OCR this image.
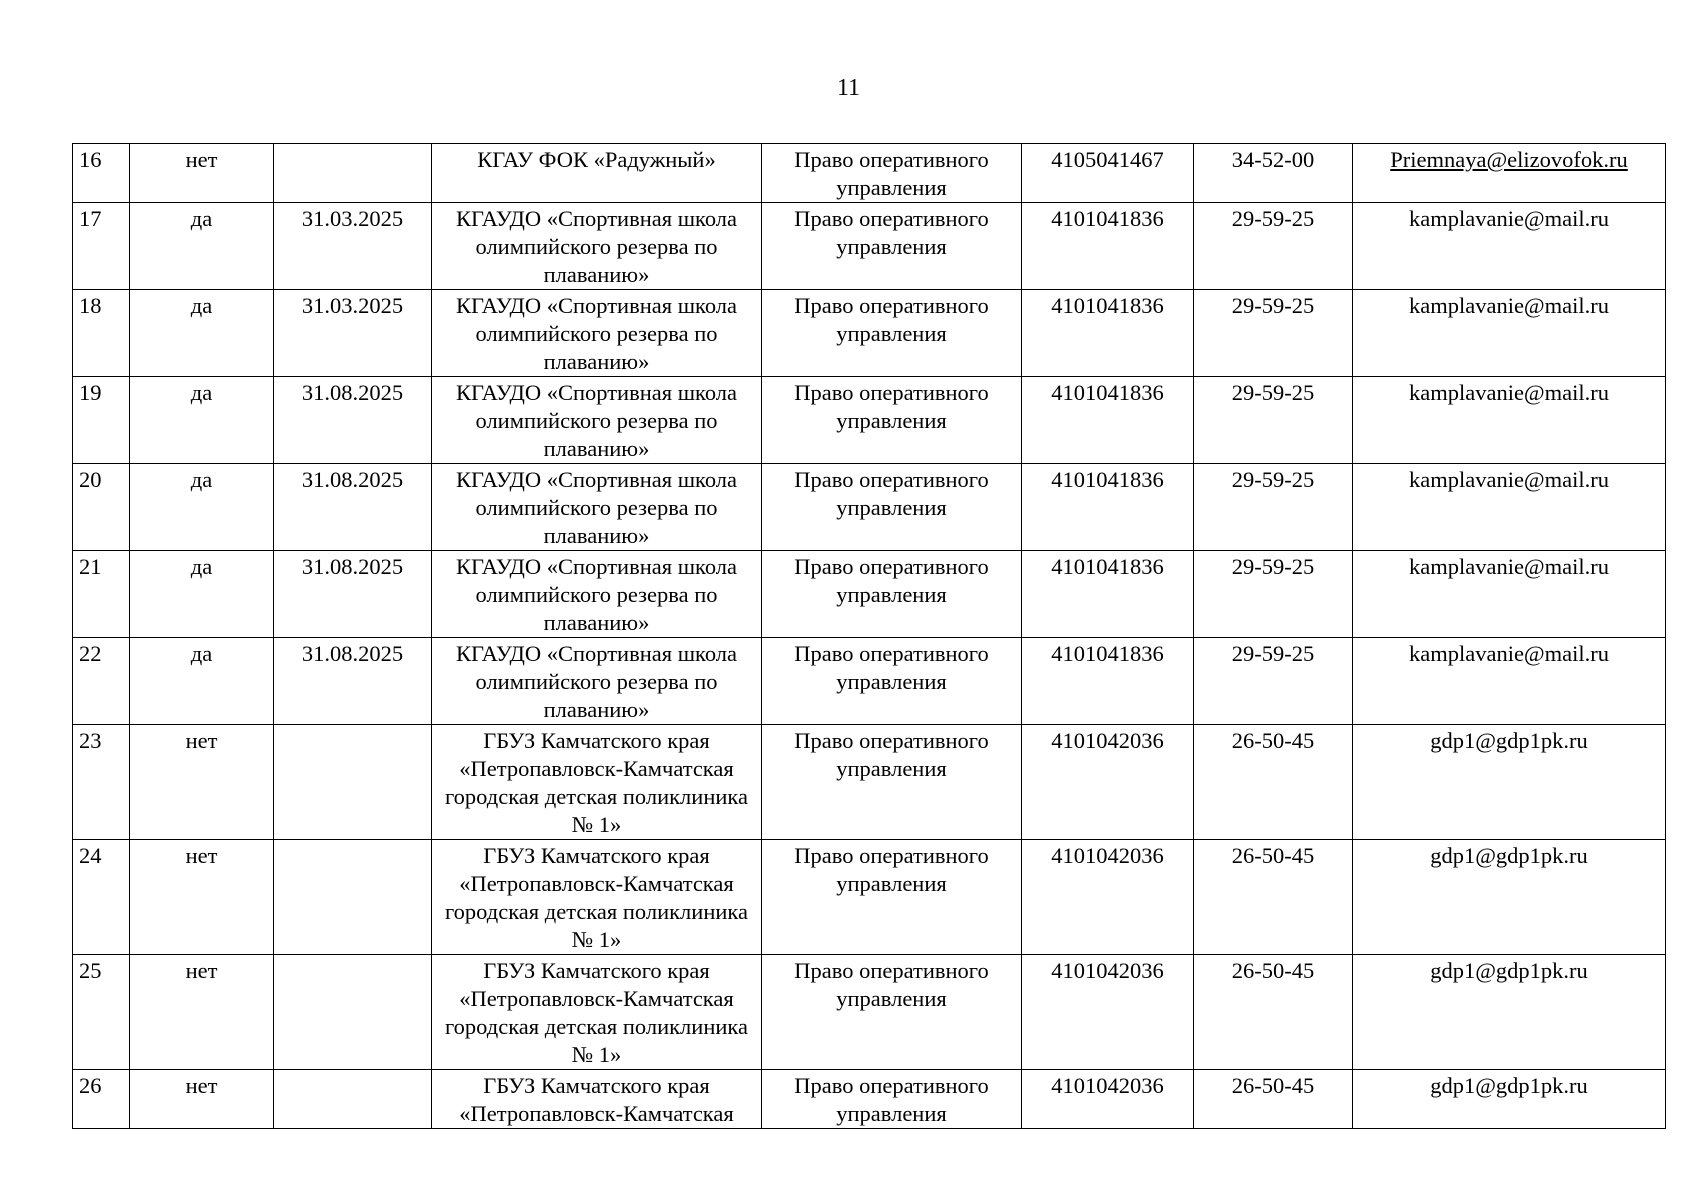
11
16	нет		КГАУ ФОК «Радужный»	Право оперативного управления	4105041467	34-52-00	Priemnaya@elizovofok.ru
17	да	31.03.2025	КГАУДО «Спортивная школа олимпийского резерва по плаванию»	Право оперативного управления	4101041836	29-59-25	kamplavanie@mail.ru
18	да	31.03.2025	КГАУДО «Спортивная школа олимпийского резерва по плаванию»	Право оперативного управления	4101041836	29-59-25	kamplavanie@mail.ru
19	да	31.08.2025	КГАУДО «Спортивная школа олимпийского резерва по плаванию»	Право оперативного управления	4101041836	29-59-25	kamplavanie@mail.ru
20	да	31.08.2025	КГАУДО «Спортивная школа олимпийского резерва по плаванию»	Право оперативного управления	4101041836	29-59-25	kamplavanie@mail.ru
21	да	31.08.2025	КГАУДО «Спортивная школа олимпийского резерва по плаванию»	Право оперативного управления	4101041836	29-59-25	kamplavanie@mail.ru
22	да	31.08.2025	КГАУДО «Спортивная школа олимпийского резерва по плаванию»	Право оперативного управления	4101041836	29-59-25	kamplavanie@mail.ru
23	нет		ГБУЗ Камчатского края «Петропавловск-Камчатская городская детская поликлиника № 1»	Право оперативного управления	4101042036	26-50-45	gdp1@gdp1pk.ru
24	нет		ГБУЗ Камчатского края «Петропавловск-Камчатская городская детская поликлиника № 1»	Право оперативного управления	4101042036	26-50-45	gdp1@gdp1pk.ru
25	нет		ГБУЗ Камчатского края «Петропавловск-Камчатская городская детская поликлиника № 1»	Право оперативного управления	4101042036	26-50-45	gdp1@gdp1pk.ru
26	нет		ГБУЗ Камчатского края «Петропавловск-Камчатская	Право оперативного управления	4101042036	26-50-45	gdp1@gdp1pk.ru
